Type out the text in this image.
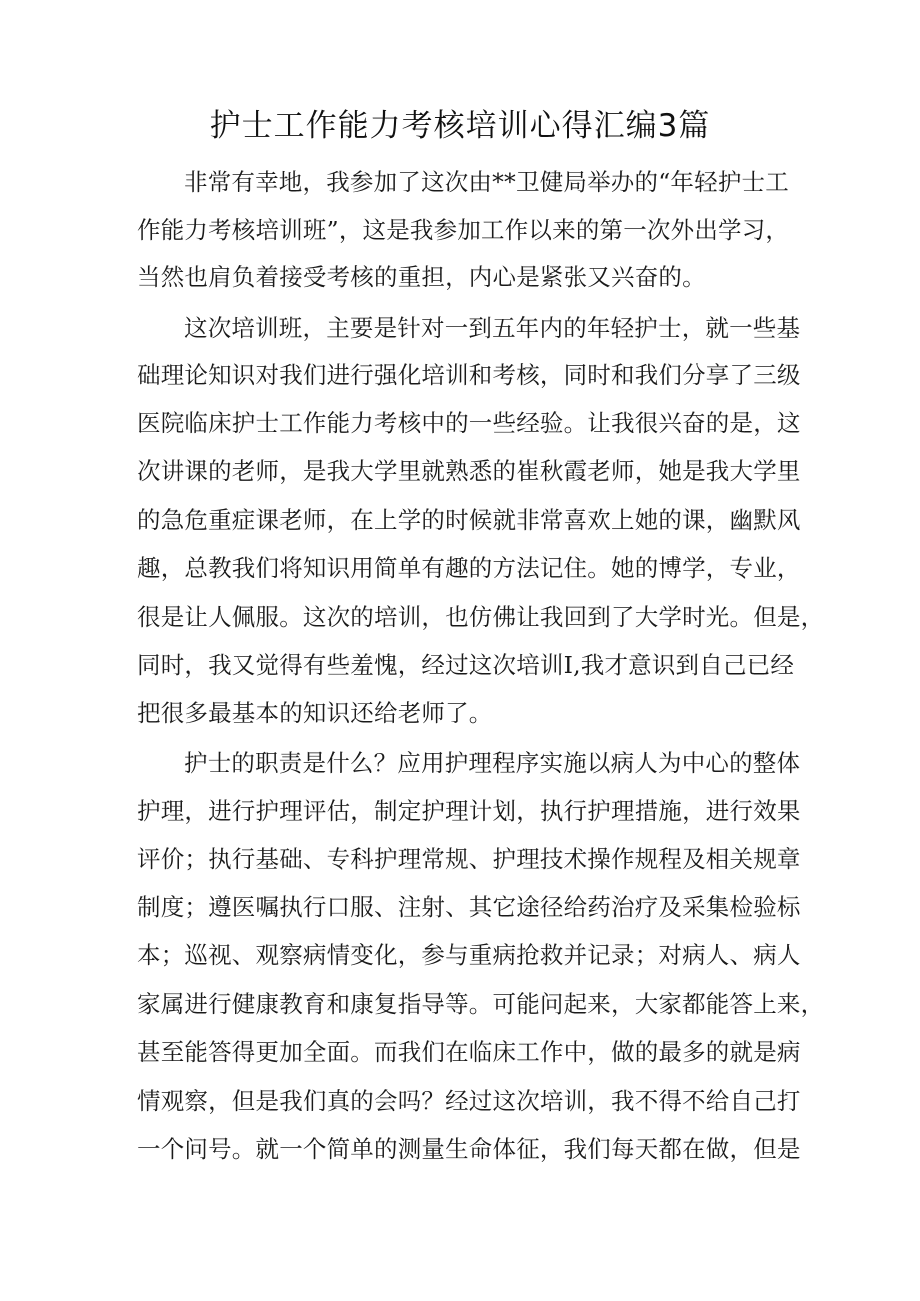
护士工作能力考核培训心得汇编3篇
非常有幸地，我参加了这次由**卫健局举办的“年轻护士工
作能力考核培训班”，这是我参加工作以来的第一次外出学习，
当然也肩负着接受考核的重担，内心是紧张又兴奋的。
这次培训班，主要是针对一到五年内的年轻护士，就一些基
础理论知识对我们进行强化培训和考核，同时和我们分享了三级
医院临床护士工作能力考核中的一些经验。让我很兴奋的是，这
次讲课的老师，是我大学里就熟悉的崔秋霞老师，她是我大学里
的急危重症课老师，在上学的时候就非常喜欢上她的课，幽默风
趣，总教我们将知识用简单有趣的方法记住。她的博学，专业，
很是让人佩服。这次的培训，也仿佛让我回到了大学时光。但是，
同时，我又觉得有些羞愧，经过这次培训I,我才意识到自己已经
把很多最基本的知识还给老师了。
护士的职责是什么？应用护理程序实施以病人为中心的整体
护理，进行护理评估，制定护理计划，执行护理措施，进行效果
评价；执行基础、专科护理常规、护理技术操作规程及相关规章
制度；遵医嘱执行口服、注射、其它途径给药治疗及采集检验标
本；巡视、观察病情变化，参与重病抢救并记录；对病人、病人
家属进行健康教育和康复指导等。可能问起来，大家都能答上来，
甚至能答得更加全面。而我们在临床工作中，做的最多的就是病
情观察，但是我们真的会吗？经过这次培训，我不得不给自己打
一个问号。就一个简单的测量生命体征，我们每天都在做，但是
